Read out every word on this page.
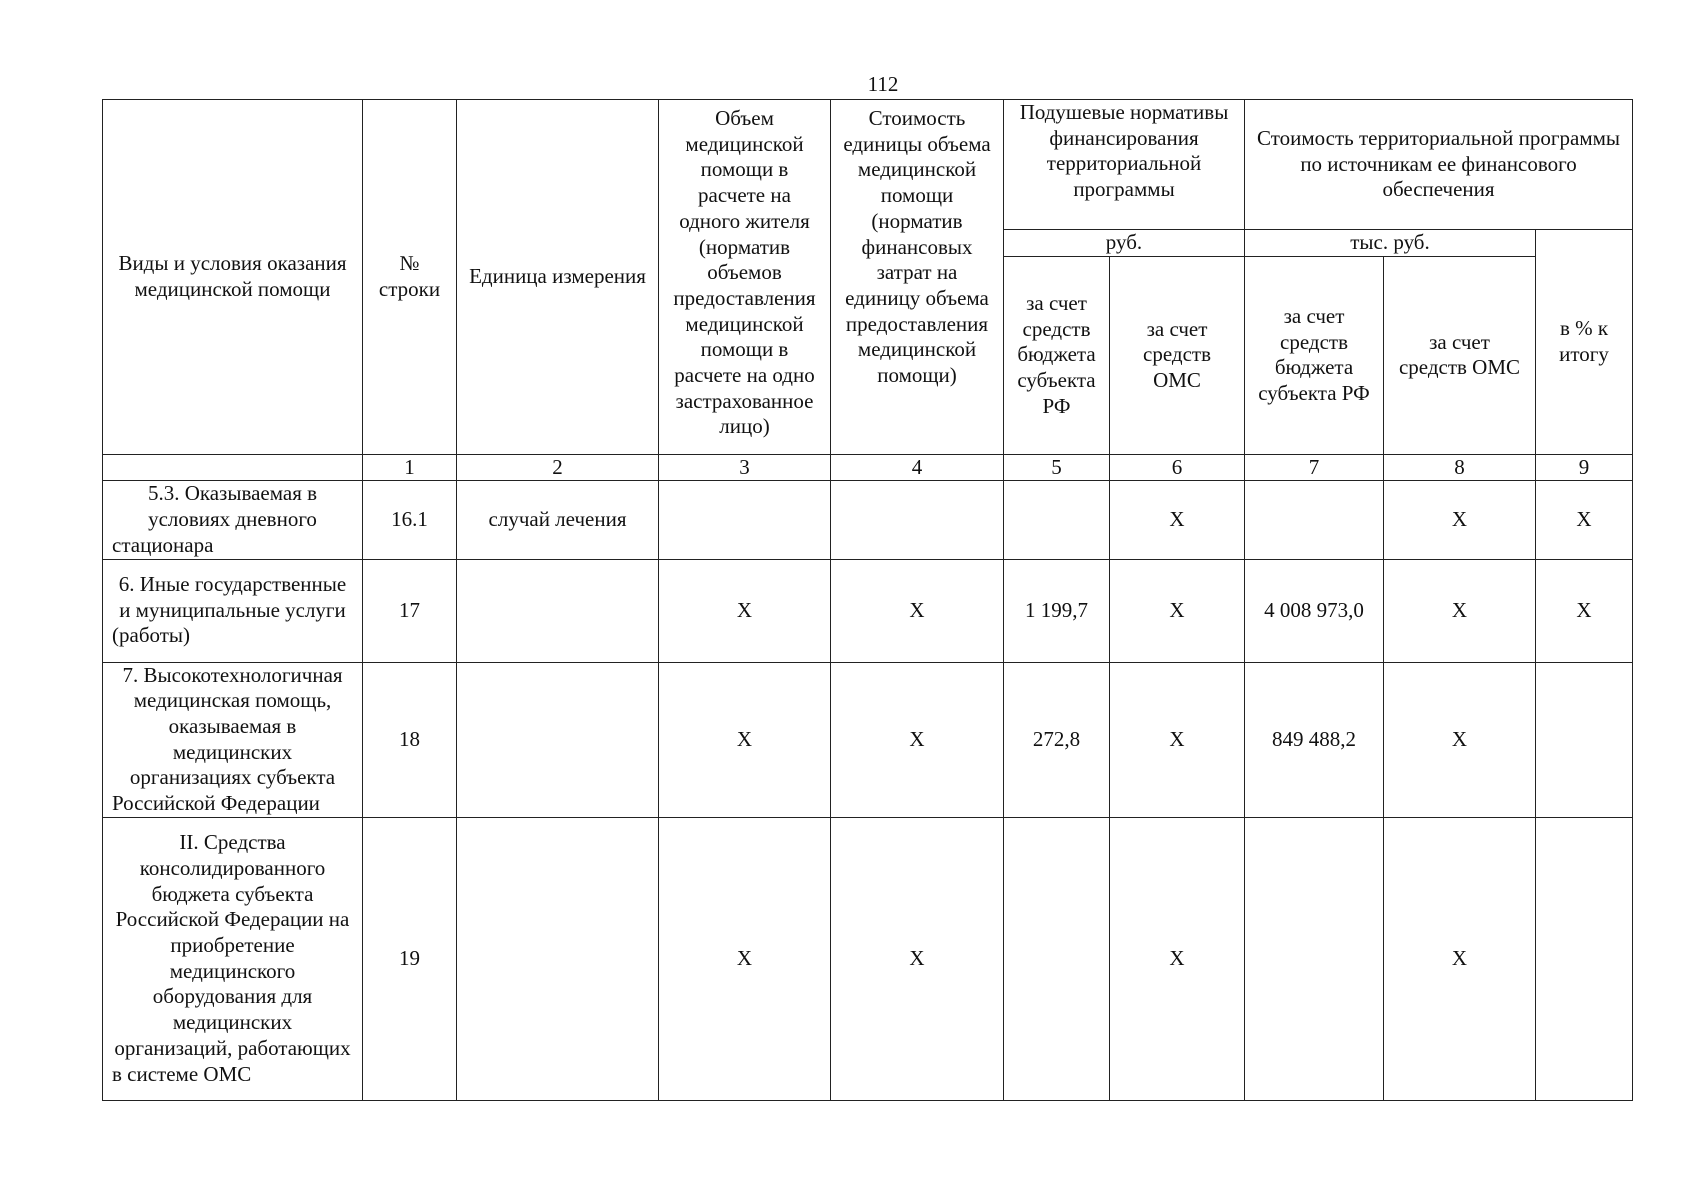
112
Виды и условия оказания медицинской помощи	№ строки	Единица измерения	Объем медицинской помощи в расчете на одного жителя (норматив объемов предоставления медицинской помощи в расчете на одно застрахованное лицо)	Стоимость единицы объема медицинской помощи (норматив финансовых затрат на единицу объема предоставления медицинской помощи)	Подушевые нормативы финансирования территориальной программы		Стоимость территориальной программы по источникам ее финансового обеспечения		
					руб.		тыс. руб.		в % к итогу
					за счет средств бюджета субъекта РФ	за счет средств ОМС	за счет средств бюджета субъекта РФ	за счет средств ОМС	
	1	2	3	4	5	6	7	8	9
5.3. Оказываемая в условиях дневного стационара	16.1	случай лечения				Х		Х	Х
6. Иные государственные и муниципальные услуги (работы)	17		Х	Х	1 199,7	Х	4 008 973,0	Х	Х
7. Высокотехнологичная медицинская помощь, оказываемая в медицинских организациях субъекта Российской Федерации	18		Х	Х	272,8	Х	849 488,2	Х	
II. Средства консолидированного бюджета субъекта Российской Федерации на приобретение медицинского оборудования для медицинских организаций, работающих в системе ОМС	19		Х	Х		Х		Х	
